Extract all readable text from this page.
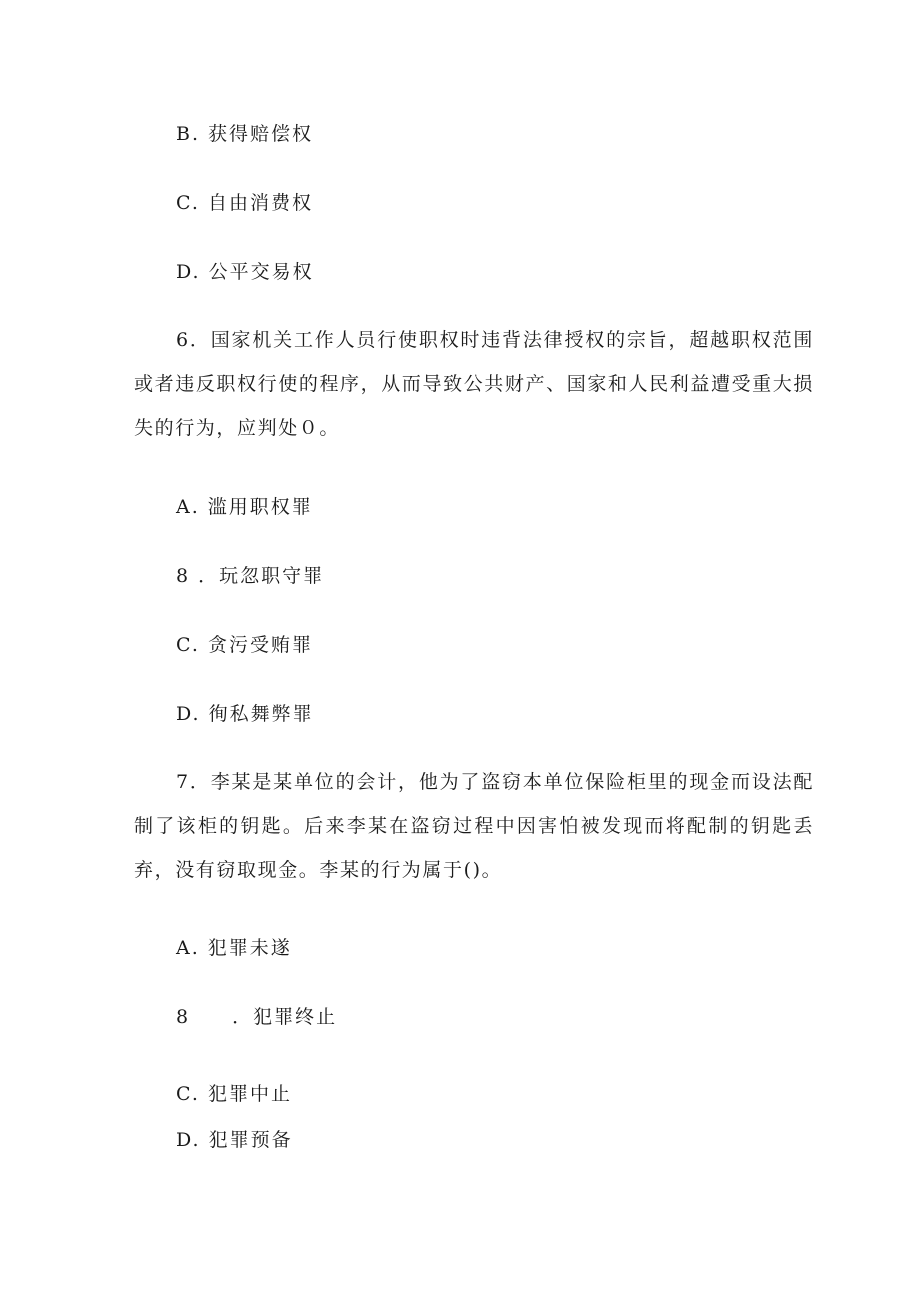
B. 获得赔偿权
C. 自由消费权
D. 公平交易权
6．国家机关工作人员行使职权时违背法律授权的宗旨，超越职权范围或者违反职权行使的程序，从而导致公共财产、国家和人民利益遭受重大损失的行为，应判处０。
A. 滥用职权罪
8 ．玩忽职守罪
C. 贪污受贿罪
D. 徇私舞弊罪
7．李某是某单位的会计，他为了盗窃本单位保险柜里的现金而设法配制了该柜的钥匙。后来李某在盗窃过程中因害怕被发现而将配制的钥匙丢弃，没有窃取现金。李某的行为属于()。
A. 犯罪未遂
8 ．犯罪终止
C. 犯罪中止
D. 犯罪预备
